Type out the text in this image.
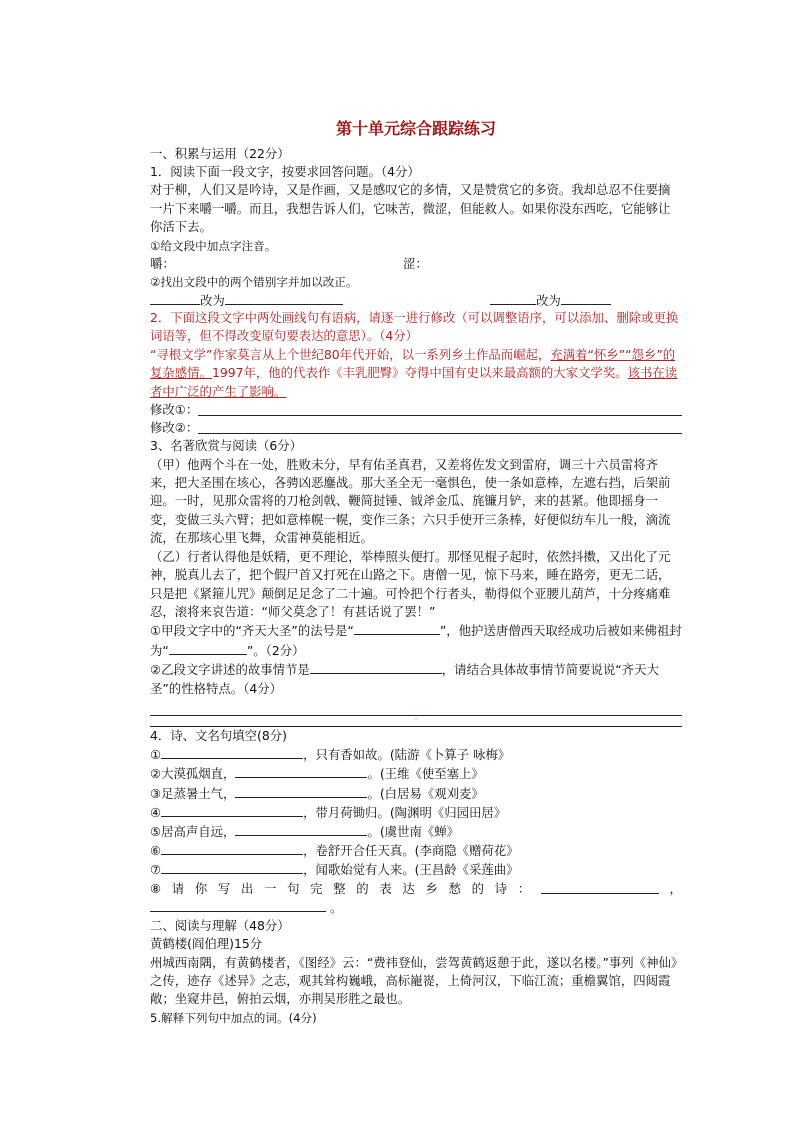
第十单元综合跟踪练习
一、积累与运用（22分）
1．阅读下面一段文字，按要求回答问题。（4分）
对于柳，人们又是吟诗，又是作画，又是感叹它的多情，又是赞赏它的多资。我却总忍不住要摘一片下来嚼一嚼。而且，我想告诉人们，它味苦，微涩，但能救人。如果你没东西吃，它能够让你活下去。
①给文段中加点字注音。
嚼：	涩：
②找出文段中的两个错别字并加以改正。
改为	改为
2．下面这段文字中两处画线句有语病，请逐一进行修改（可以调整语序，可以添加、删除或更换词语等，但不得改变原句要表达的意思）。（4分）
“寻根文学”作家莫言从上个世纪80年代开始，以一系列乡土作品而崛起，充满着“怀乡”“怨乡”的复杂感情。1997年，他的代表作《丰乳肥臀》夺得中国有史以来最高额的大家文学奖。该书在读者中广泛的产生了影响。
修改①：
修改②：
3、名著欣赏与阅读（6分）
（甲）他两个斗在一处，胜败未分，早有佑圣真君，又差将佐发文到雷府，调三十六员雷将齐来，把大圣围在垓心，各骋凶恶鏖战。那大圣全无一毫惧色，使一条如意棒，左遮右挡，后架前迎。一时，见那众雷将的刀枪剑戟、鞭简挝锤、钺斧金瓜、旄镰月铲，来的甚紧。他即摇身一变，变做三头六臂；把如意棒幌一幌，变作三条；六只手使开三条棒，好便似纺车儿一般，滴流流，在那垓心里飞舞，众雷神莫能相近。
（乙）行者认得他是妖精，更不理论，举棒照头便打。那怪见棍子起时，依然抖擞，又出化了元神，脱真儿去了，把个假尸首又打死在山路之下。唐僧一见，惊下马来，睡在路旁，更无二话，只是把《紧箍儿咒》颠倒足足念了二十遍。可怜把个行者头，勒得似个亚腰儿葫芦，十分疼痛难忍，滚将来哀告道：“师父莫念了！有甚话说了罢！”
①甲段文字中的“齐天大圣”的法号是“	”，他护送唐僧西天取经成功后被如来佛祖封为“	”。（2分）
②乙段文字讲述的故事情节是	，请结合具体故事情节简要说说“齐天大圣”的性格特点。（4分）
·
4．诗、文名句填空(8分)
①	，只有香如故。(陆游《卜算子 咏梅》
②大漠孤烟直，	。(王维《使至塞上》
③足蒸暑土气，	。(白居易《观刈麦》
④	，带月荷锄归。(陶渊明《归园田居》
⑤居高声自远，	。(虞世南《蝉》
⑥	，卷舒开合任天真。(李商隐《赠荷花》
⑦	，闻歌始觉有人来。(王昌龄《采莲曲》
⑧ 请 你 写 出 一 句 完 整 的 表 达 乡 愁 的 诗 ：	，
。
二、阅读与理解（48分）
黄鹤楼(阎伯理)15分
州城西南隅，有黄鹤楼者，《图经》云：“费祎登仙，尝驾黄鹤返憩于此，遂以名楼。”事列《神仙》之传，迹存《述异》之志，观其耸构巍峨，高标巃嵸，上倚河汉，下临江流；重檐翼馆，四闼霞敞；坐窥井邑，俯拍云烟，亦荆吴形胜之最也。
5.解释下列句中加点的词。(4分)
